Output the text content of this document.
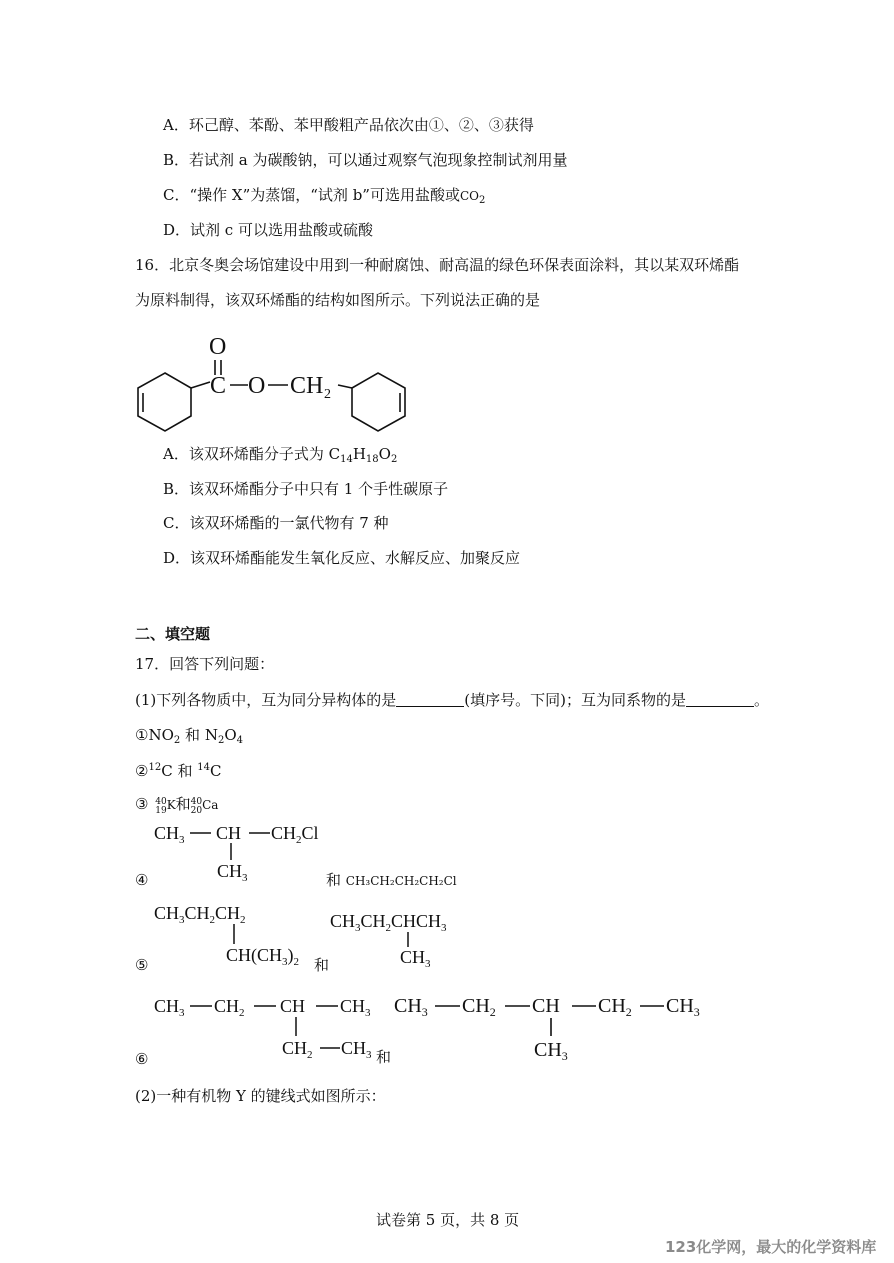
A．环己醇、苯酚、苯甲酸粗产品依次由①、②、③获得
B．若试剂 a 为碳酸钠，可以通过观察气泡现象控制试剂用量
C．“操作 X”为蒸馏，“试剂 b”可选用盐酸或$CO_2$
D．试剂 c 可以选用盐酸或硫酸
16．北京冬奥会场馆建设中用到一种耐腐蚀、耐高温的绿色环保表面涂料，其以某双环烯酯
为原料制得，该双环烯酯的结构如图所示。下列说法正确的是
O
C O CH 2
A．该双环烯酯分子式为 $C_{14}H_{18}O_2$
B．该双环烯酯分子中只有 1 个手性碳原子
C．该双环烯酯的一氯代物有 7 种
D．该双环烯酯能发生氧化反应、水解反应、加聚反应
二、填空题
17．回答下列问题：
(1)下列各物质中，互为同分异构体的是	(填序号。下同)；互为同系物的是	。
$①NO_2$ 和 $N_2O_4$
②$^{12}$C 和 $^{14}$C
③ 40
19K和40
20Ca
$CH_3$ CH $CH_2Cl$
$CH_3$
④	和 CH₃CH₂CH₂CH₂Cl
$CH_3CH_2CH_2$
$CH(CH_3)_2$
⑤	和
$CH_3CH_2CHCH_3$
$CH_3$
$CH_3$ $CH_2$ CH $CH_3$
$CH_2$ $CH_3$
⑥	和
$CH_3$ $CH_2$ CH $CH_2$ $CH_3$
$CH_3$
(2)一种有机物 Y 的键线式如图所示：
试卷第 5 页，共 8 页
123化学网，最大的化学资料库
